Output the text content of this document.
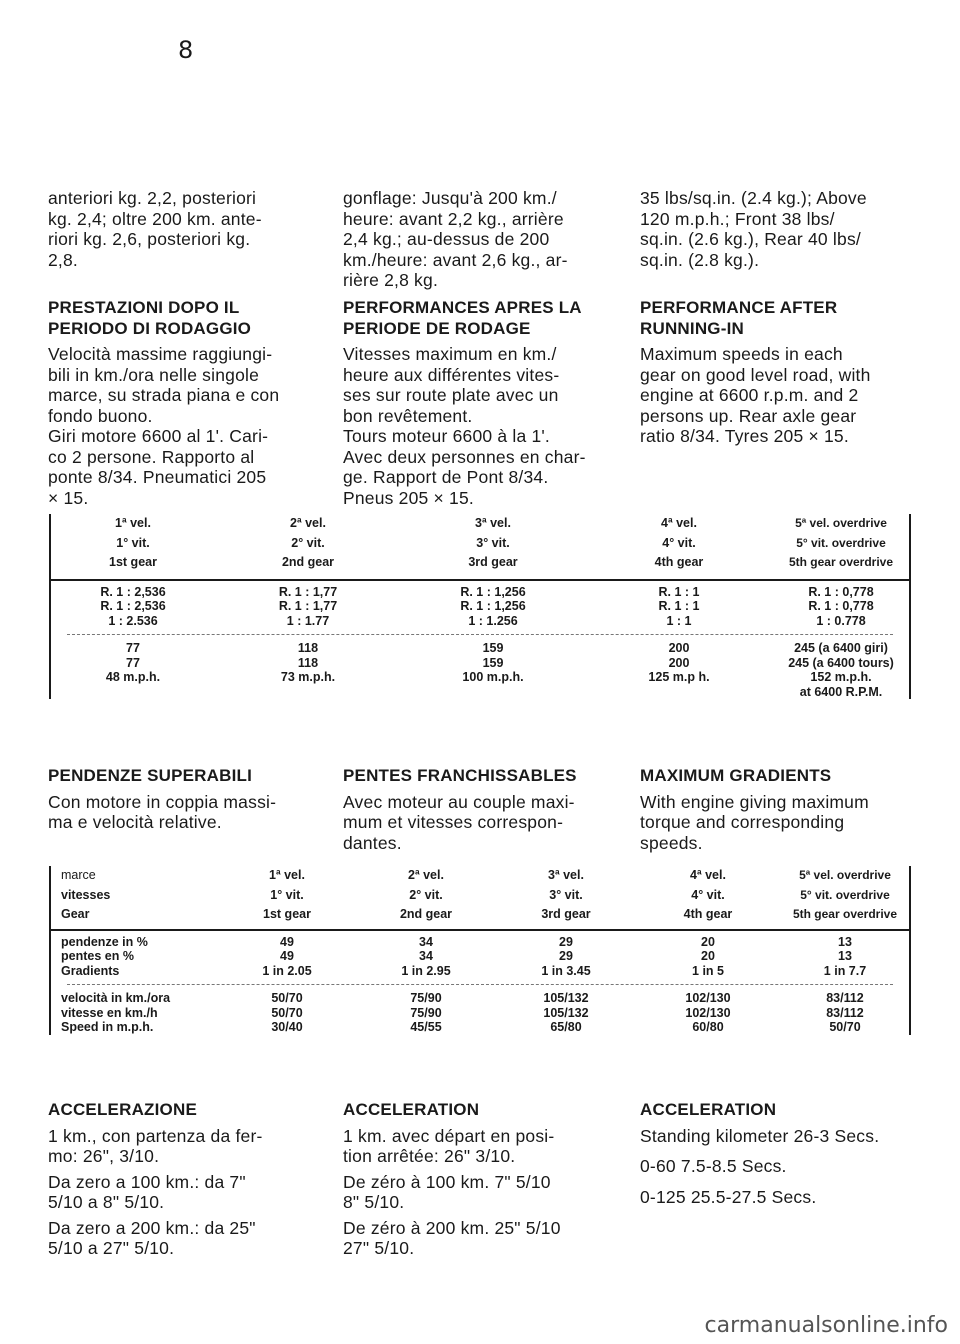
8

anteriori kg. 2,2, posteriori

kg. 2,4; oltre 200 km. ante-

riori kg. 2,6, posteriori kg.

2,8.

gonflage: Jusqu'à 200 km./

heure: avant 2,2 kg., arrière

2,4 kg.; au-dessus de 200

km./heure: avant 2,6 kg., ar-

rière 2,8 kg.

35 lbs/sq.in. (2.4 kg.); Above

120 m.p.h.; Front 38 lbs/

sq.in. (2.6 kg.), Rear 40 lbs/

sq.in. (2.8 kg.).

PRESTAZIONI DOPO IL
PERIODO DI RODAGGIO

Velocità massime raggiungi-

bili in km./ora nelle singole

marce, su strada piana e con

fondo buono.

Giri motore 6600 al 1'. Cari-

co 2 persone. Rapporto al

ponte 8/34. Pneumatici 205

× 15.

PERFORMANCES APRES LA
PERIODE DE RODAGE

Vitesses maximum en km./

heure aux différentes vites-

ses sur route plate avec un

bon revêtement.

Tours moteur 6600 à la 1'.

Avec deux personnes en char-

ge. Rapport de Pont 8/34.

Pneus 205 × 15.

PERFORMANCE AFTER
RUNNING-IN

Maximum speeds in each

gear on good level road, with

engine at 6600 r.p.m. and 2

persons up. Rear axle gear

ratio 8/34. Tyres 205 × 15.

1ª vel.	2ª vel.	3ª vel.	4ª vel.	5ª vel. overdrive
1° vit.	2° vit.	3° vit.	4° vit.	5° vit. overdrive
1st gear	2nd gear	3rd gear	4th gear	5th gear overdrive
R. 1 : 2,536	R. 1 : 1,77	R. 1 : 1,256	R. 1 : 1	R. 1 : 0,778
R. 1 : 2,536	R. 1 : 1,77	R. 1 : 1,256	R. 1 : 1	R. 1 : 0,778
1 : 2.536	1 : 1.77	1 : 1.256	1 : 1	1 : 0.778
77	118	159	200	245 (a 6400 giri)
77	118	159	200	245 (a 6400 tours)
48 m.p.h.	73 m.p.h.	100 m.p.h.	125 m.p h.	152 m.p.h.
at 6400 R.P.M.
PENDENZE SUPERABILI

Con motore in coppia massi-

ma e velocità relative.

PENTES FRANCHISSABLES

Avec moteur au couple maxi-

mum et vitesses correspon-

dantes.

MAXIMUM GRADIENTS

With engine giving maximum

torque and corresponding

speeds.

marce	1ª vel.	2ª vel.	3ª vel.	4ª vel.	5ª vel. overdrive
vitesses	1° vit.	2° vit.	3° vit.	4° vit.	5° vit. overdrive
Gear	1st gear	2nd gear	3rd gear	4th gear	5th gear overdrive
pendenze in %	49	34	29	20	13
pentes en %	49	34	29	20	13
Gradients	1 in 2.05	1 in 2.95	1 in 3.45	1 in 5	1 in 7.7
velocità in km./ora	50/70	75/90	105/132	102/130	83/112
vitesse en km./h	50/70	75/90	105/132	102/130	83/112
Speed in m.p.h.	30/40	45/55	65/80	60/80	50/70
ACCELERAZIONE

1 km., con partenza da fer-

mo: 26", 3/10.

Da zero a 100 km.: da 7"

5/10 a 8" 5/10.

Da zero a 200 km.: da 25"

5/10 a 27" 5/10.

ACCELERATION

1 km. avec départ en posi-

tion arrêtée: 26" 3/10.

De zéro à 100 km. 7" 5/10

8" 5/10.

De zéro à 200 km. 25" 5/10

27" 5/10.

ACCELERATION

Standing kilometer 26-3 Secs.

0-60 7.5-8.5 Secs.

0-125 25.5-27.5 Secs.

carmanualsonline.info
